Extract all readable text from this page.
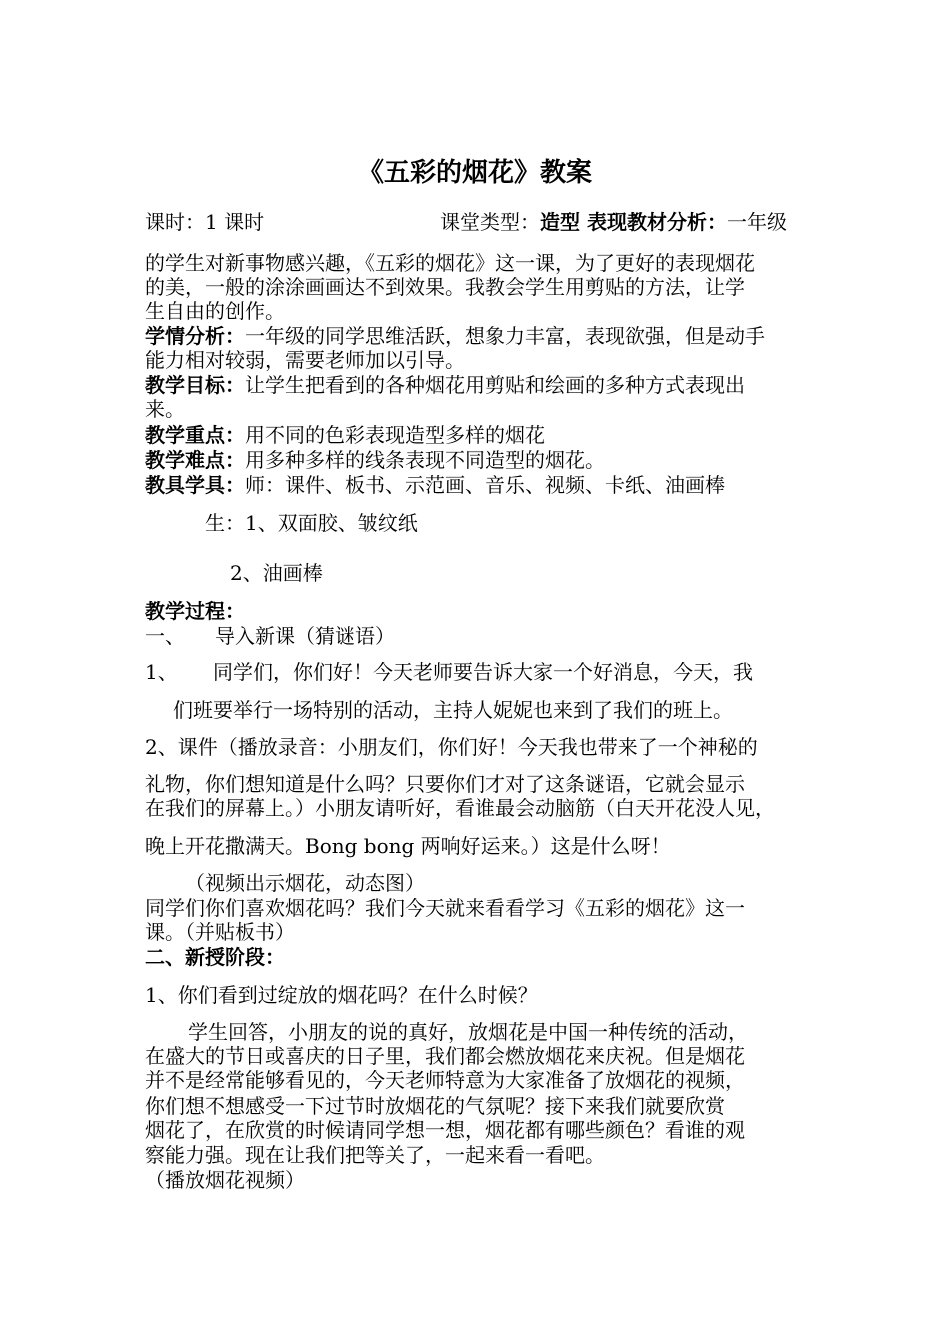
《五彩的烟花》教案
课时：1 课时	课堂类型：造型 表现教材分析：一年级
的学生对新事物感兴趣，《五彩的烟花》这一课，为了更好的表现烟花
的美，一般的涂涂画画达不到效果。我教会学生用剪贴的方法，让学
生自由的创作。
学情分析：一年级的同学思维活跃，想象力丰富，表现欲强，但是动手
能力相对较弱，需要老师加以引导。
教学目标：让学生把看到的各种烟花用剪贴和绘画的多种方式表现出
来。
教学重点：用不同的色彩表现造型多样的烟花
教学难点：用多种多样的线条表现不同造型的烟花。
教具学具：师：课件、板书、示范画、音乐、视频、卡纸、油画棒
生：1、双面胶、皱纹纸
2、油画棒
教学过程：
一、 导入新课（猜谜语）
1、 同学们，你们好！今天老师要告诉大家一个好消息，今天，我
们班要举行一场特别的活动，主持人妮妮也来到了我们的班上。
2、课件（播放录音：小朋友们，你们好！今天我也带来了一个神秘的
礼物，你们想知道是什么吗？只要你们才对了这条谜语，它就会显示
在我们的屏幕上。）小朋友请听好，看谁最会动脑筋（白天开花没人见，
晚上开花撒满天。Bong bong 两响好运来。）这是什么呀！
（视频出示烟花，动态图）
同学们你们喜欢烟花吗？我们今天就来看看学习《五彩的烟花》这一
课。（并贴板书）
二、新授阶段：
1、你们看到过绽放的烟花吗？在什么时候？
学生回答，小朋友的说的真好，放烟花是中国一种传统的活动，
在盛大的节日或喜庆的日子里，我们都会燃放烟花来庆祝。但是烟花
并不是经常能够看见的，今天老师特意为大家准备了放烟花的视频，
你们想不想感受一下过节时放烟花的气氛呢？接下来我们就要欣赏
烟花了，在欣赏的时候请同学想一想，烟花都有哪些颜色？看谁的观
察能力强。现在让我们把等关了，一起来看一看吧。
（播放烟花视频）
